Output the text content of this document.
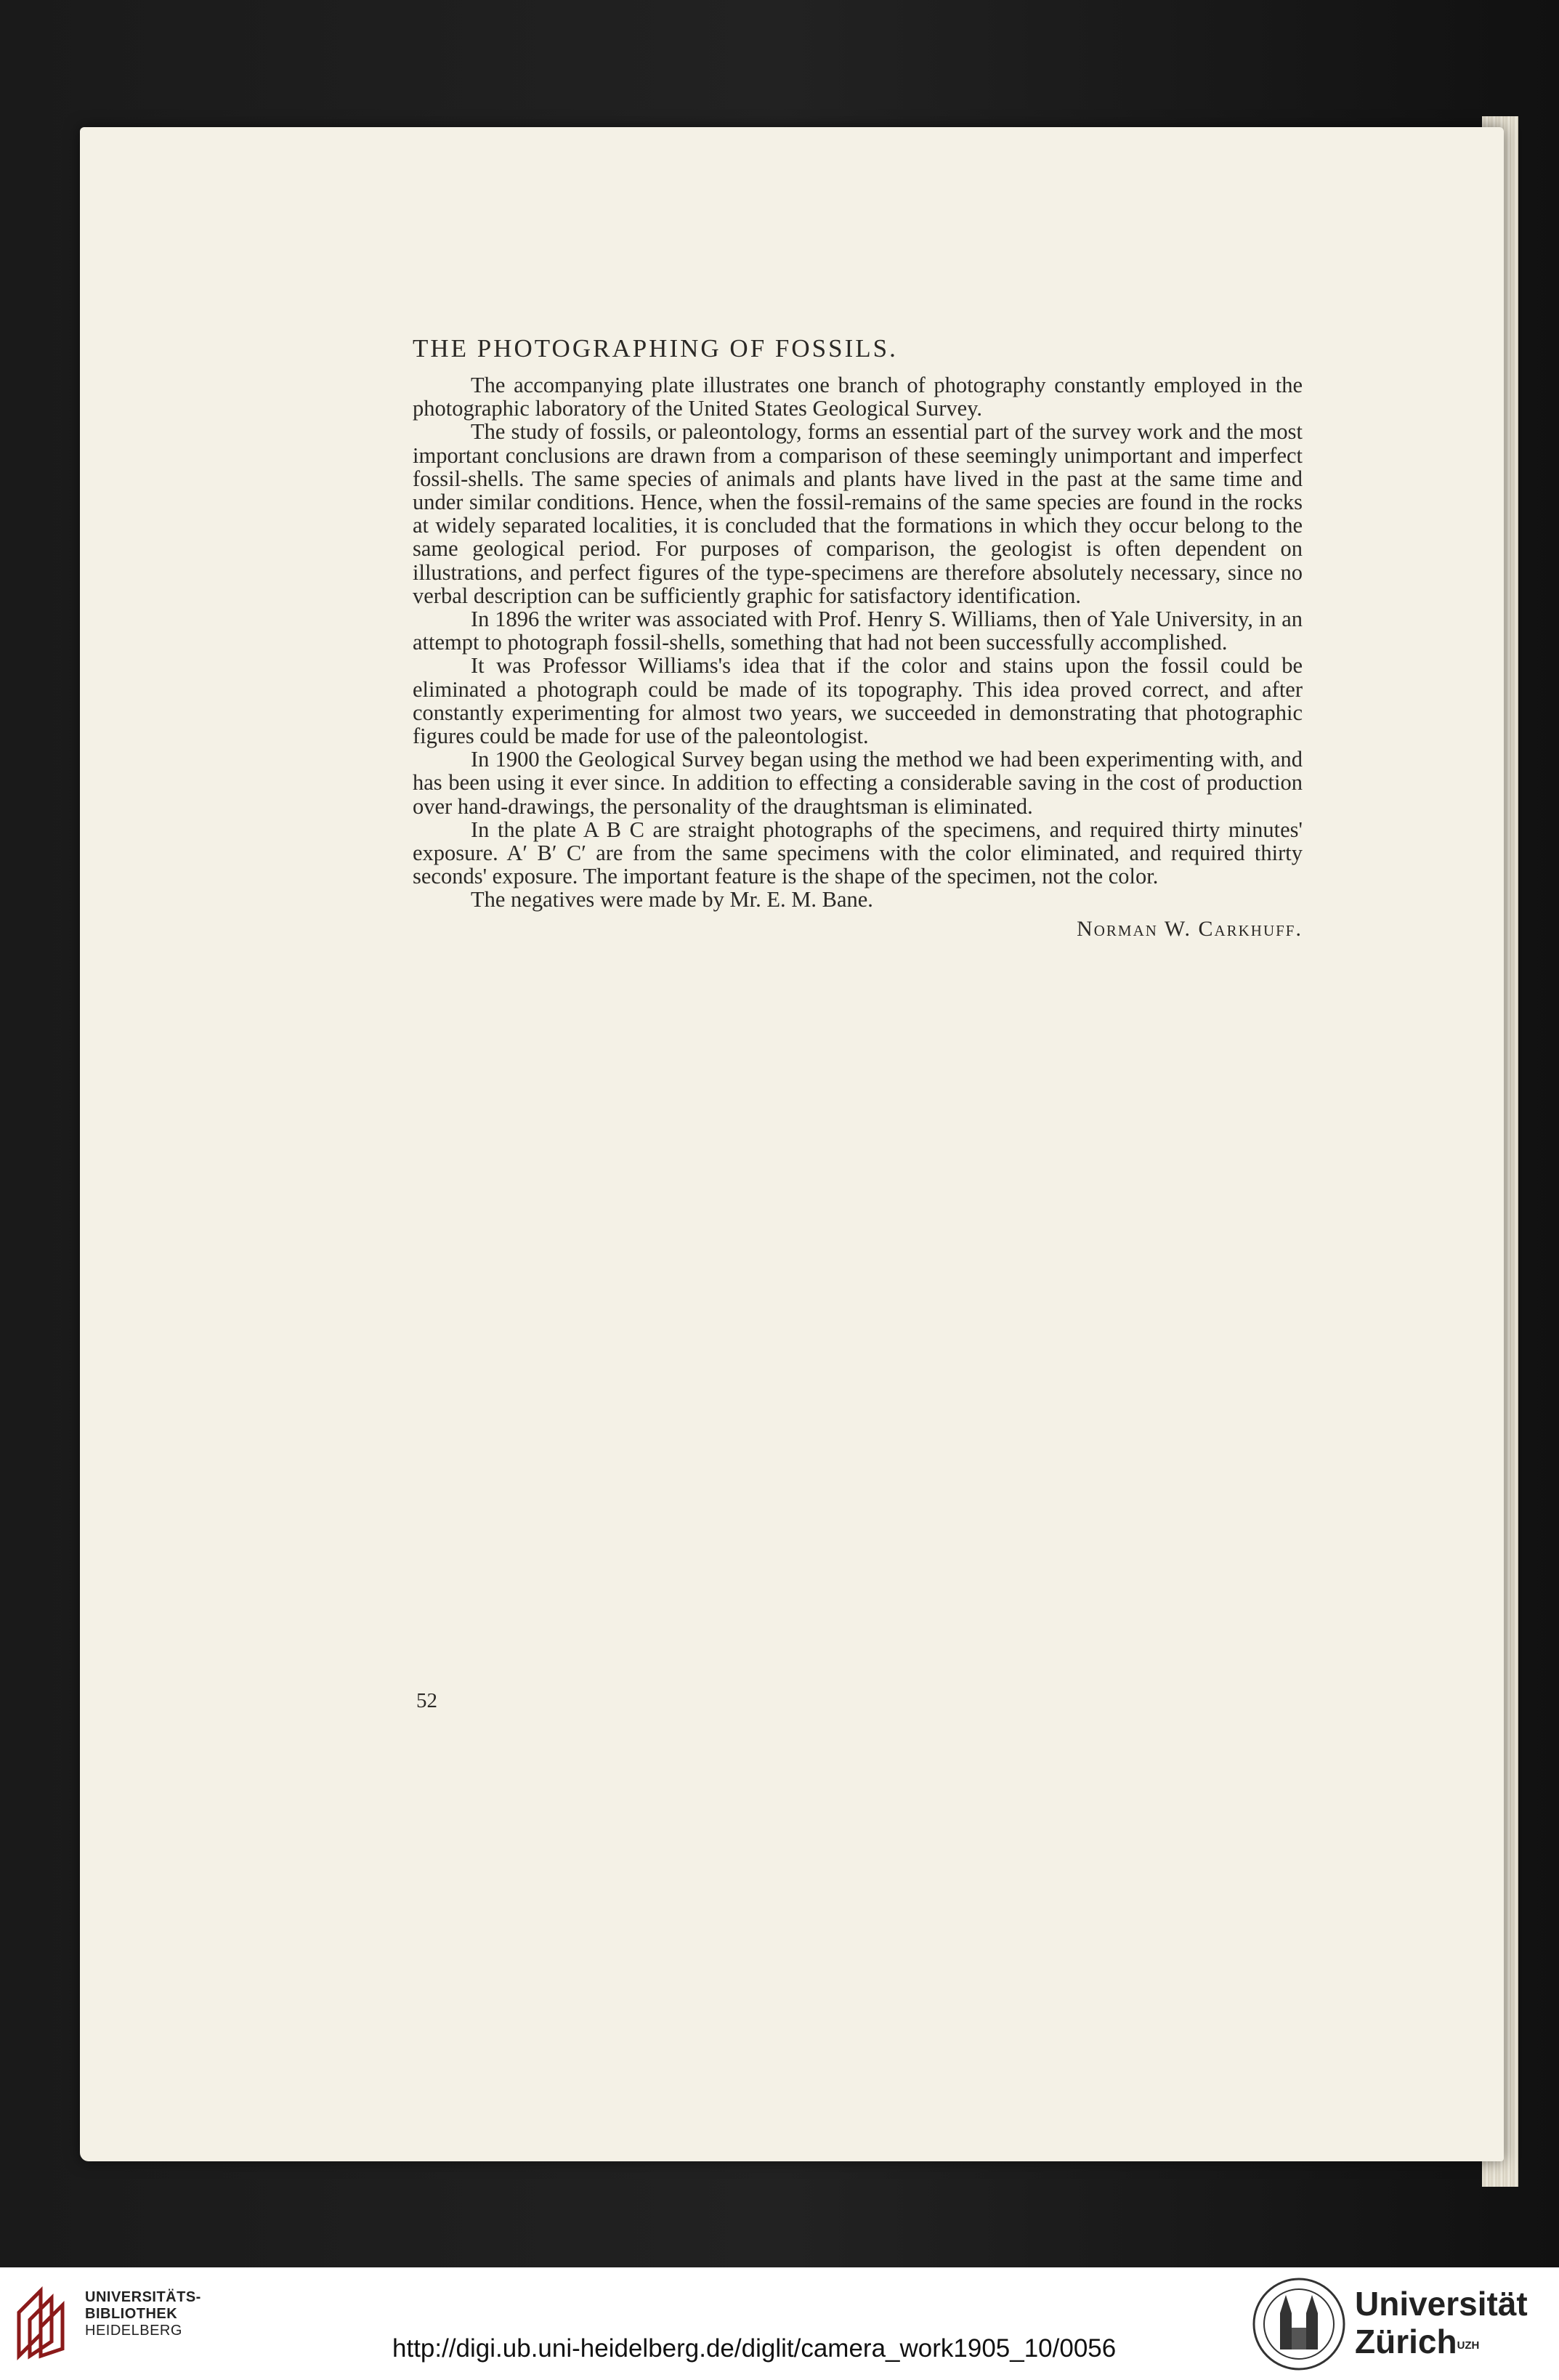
THE PHOTOGRAPHING OF FOSSILS.

The accompanying plate illustrates one branch of photography constantly employed in the photographic laboratory of the United States Geological Survey.

The study of fossils, or paleontology, forms an essential part of the survey work and the most important conclusions are drawn from a comparison of these seemingly unimportant and imperfect fossil-shells. The same species of animals and plants have lived in the past at the same time and under similar conditions. Hence, when the fossil-remains of the same species are found in the rocks at widely separated localities, it is concluded that the formations in which they occur belong to the same geological period. For purposes of comparison, the geologist is often dependent on illustrations, and perfect figures of the type-specimens are therefore absolutely necessary, since no verbal description can be sufficiently graphic for satisfactory identification.

In 1896 the writer was associated with Prof. Henry S. Williams, then of Yale University, in an attempt to photograph fossil-shells, something that had not been successfully accomplished.

It was Professor Williams's idea that if the color and stains upon the fossil could be eliminated a photograph could be made of its topography. This idea proved correct, and after constantly experimenting for almost two years, we succeeded in demonstrating that photographic figures could be made for use of the paleontologist.

In 1900 the Geological Survey began using the method we had been experimenting with, and has been using it ever since. In addition to effecting a considerable saving in the cost of production over hand-drawings, the personality of the draughtsman is eliminated.

In the plate A B C are straight photographs of the specimens, and required thirty minutes' exposure. A′ B′ C′ are from the same specimens with the color eliminated, and required thirty seconds' exposure. The important feature is the shape of the specimen, not the color.

The negatives were made by Mr. E. M. Bane.

Norman W. Carkhuff.

52
UNIVERSITÄTS-
BIBLIOTHEK
HEIDELBERG
http://digi.ub.uni-heidelberg.de/diglit/camera_work1905_10/0056
Universität
Zürich$^{UZH}$
